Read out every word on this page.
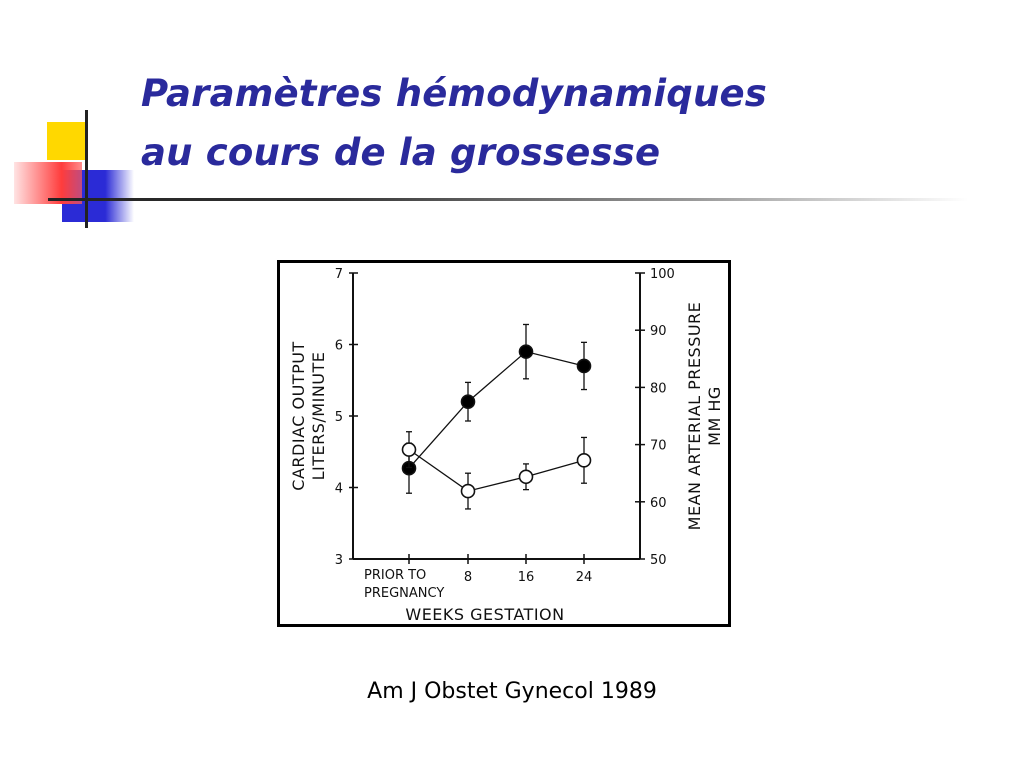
Paramètres hémodynamiques
au cours de la grossesse
3
4
5
6
7
50
60
70
80
90
100
PRIOR TO
PREGNANCY
8	16	24
WEEKS GESTATION
CARDIAC OUTPUT LITERS/MINUTE	MEAN ARTERIAL PRESSURE MM HG

Am J Obstet Gynecol 1989
